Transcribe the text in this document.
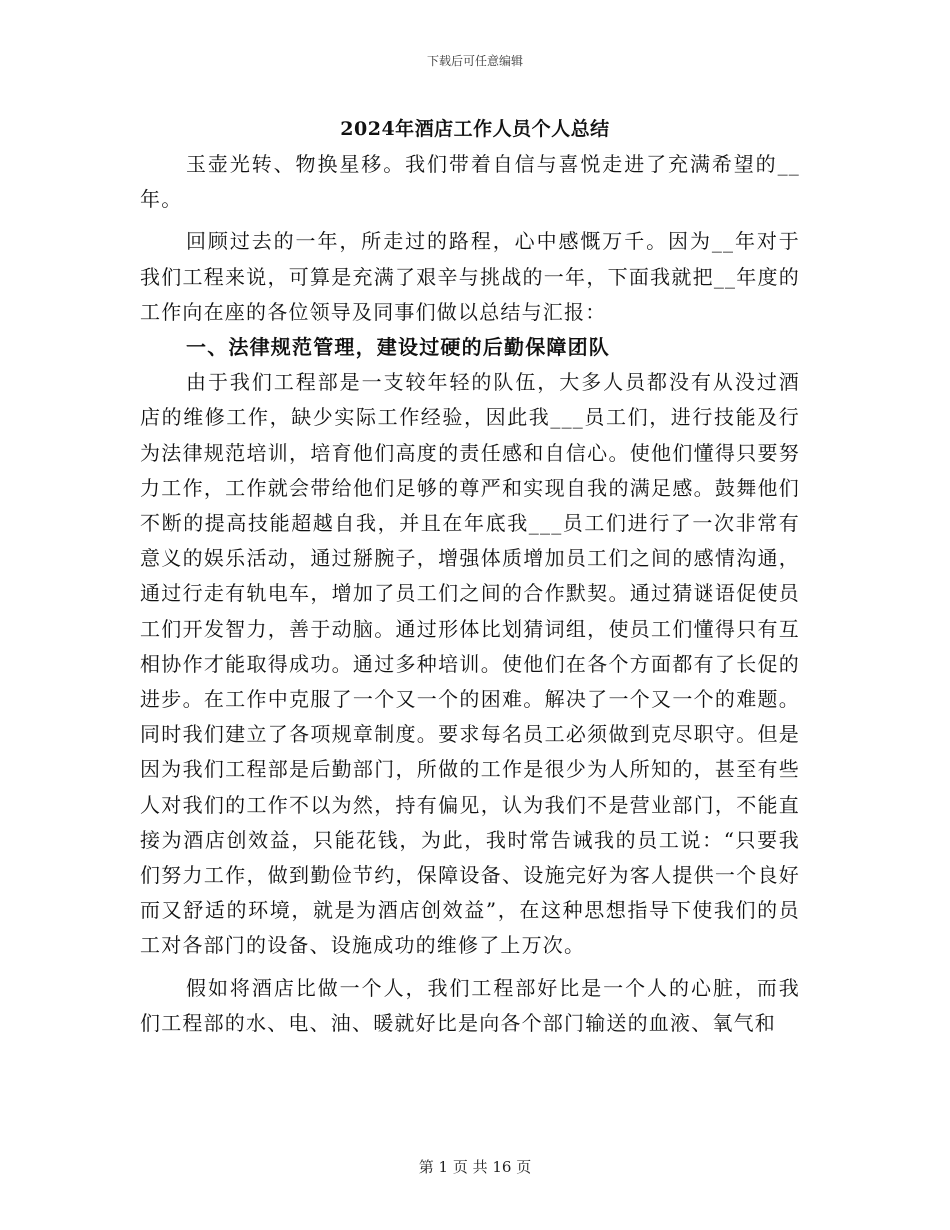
下载后可任意编辑
2024年酒店工作人员个人总结

玉壶光转、物换星移。我们带着自信与喜悦走进了充满希望的__年。

回顾过去的一年，所走过的路程，心中感慨万千。因为__年对于我们工程来说，可算是充满了艰辛与挑战的一年，下面我就把__年度的工作向在座的各位领导及同事们做以总结与汇报：

一、法律规范管理，建设过硬的后勤保障团队

由于我们工程部是一支较年轻的队伍，大多人员都没有从没过酒店的维修工作，缺少实际工作经验，因此我___员工们，进行技能及行为法律规范培训，培育他们高度的责任感和自信心。使他们懂得只要努力工作，工作就会带给他们足够的尊严和实现自我的满足感。鼓舞他们不断的提高技能超越自我，并且在年底我___员工们进行了一次非常有意义的娱乐活动，通过掰腕子，增强体质增加员工们之间的感情沟通，通过行走有轨电车，增加了员工们之间的合作默契。通过猜谜语促使员工们开发智力，善于动脑。通过形体比划猜词组，使员工们懂得只有互相协作才能取得成功。通过多种培训。使他们在各个方面都有了长促的进步。在工作中克服了一个又一个的困难。解决了一个又一个的难题。同时我们建立了各项规章制度。要求每名员工必须做到克尽职守。但是因为我们工程部是后勤部门，所做的工作是很少为人所知的，甚至有些人对我们的工作不以为然，持有偏见，认为我们不是营业部门，不能直接为酒店创效益，只能花钱，为此，我时常告诫我的员工说：“只要我们努力工作，做到勤俭节约，保障设备、设施完好为客人提供一个良好而又舒适的环境，就是为酒店创效益”，在这种思想指导下使我们的员工对各部门的设备、设施成功的维修了上万次。

假如将酒店比做一个人，我们工程部好比是一个人的心脏，而我们工程部的水、电、油、暖就好比是向各个部门输送的血液、氧气和

第 1 页 共 16 页
